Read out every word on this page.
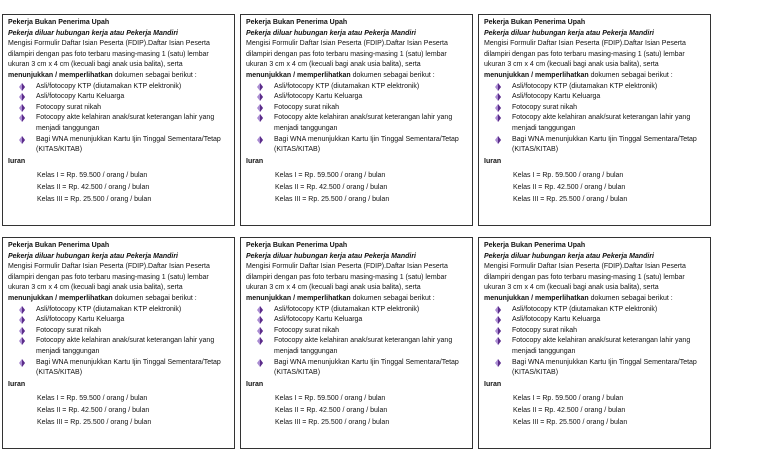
Pekerja Bukan Penerima Upah
Pekerja diluar hubungan kerja atau Pekerja Mandiri
Mengisi Formulir Daftar Isian Peserta (FDIP).Daftar Isian Peserta dilampiri dengan pas foto terbaru masing-masing 1 (satu) lembar ukuran 3 cm x 4 cm (kecuali bagi anak usia balita), serta menunjukkan / memperlihatkan dokumen sebagai berikut :
Asli/fotocopy KTP (diutamakan KTP elektronik)
Asli/fotocopy Kartu Keluarga
Fotocopy surat nikah
Fotocopy akte kelahiran anak/surat keterangan lahir yang menjadi tanggungan
Bagi WNA menunjukkan Kartu Ijin Tinggal Sementara/Tetap (KITAS/KITAB)
Iuran
Kelas I = Rp. 59.500 / orang / bulan
Kelas II = Rp. 42.500 / orang / bulan
Kelas III = Rp. 25.500 / orang / bulan
Pekerja Bukan Penerima Upah
Pekerja diluar hubungan kerja atau Pekerja Mandiri
Mengisi Formulir Daftar Isian Peserta (FDIP).Daftar Isian Peserta dilampiri dengan pas foto terbaru masing-masing 1 (satu) lembar ukuran 3 cm x 4 cm (kecuali bagi anak usia balita), serta menunjukkan / memperlihatkan dokumen sebagai berikut :
Asli/fotocopy KTP (diutamakan KTP elektronik)
Asli/fotocopy Kartu Keluarga
Fotocopy surat nikah
Fotocopy akte kelahiran anak/surat keterangan lahir yang menjadi tanggungan
Bagi WNA menunjukkan Kartu Ijin Tinggal Sementara/Tetap (KITAS/KITAB)
Iuran
Kelas I = Rp. 59.500 / orang / bulan
Kelas II = Rp. 42.500 / orang / bulan
Kelas III = Rp. 25.500 / orang / bulan
Pekerja Bukan Penerima Upah
Pekerja diluar hubungan kerja atau Pekerja Mandiri
Mengisi Formulir Daftar Isian Peserta (FDIP).Daftar Isian Peserta dilampiri dengan pas foto terbaru masing-masing 1 (satu) lembar ukuran 3 cm x 4 cm (kecuali bagi anak usia balita), serta menunjukkan / memperlihatkan dokumen sebagai berikut :
Asli/fotocopy KTP (diutamakan KTP elektronik)
Asli/fotocopy Kartu Keluarga
Fotocopy surat nikah
Fotocopy akte kelahiran anak/surat keterangan lahir yang menjadi tanggungan
Bagi WNA menunjukkan Kartu Ijin Tinggal Sementara/Tetap (KITAS/KITAB)
Iuran
Kelas I = Rp. 59.500 / orang / bulan
Kelas II = Rp. 42.500 / orang / bulan
Kelas III = Rp. 25.500 / orang / bulan
Pekerja Bukan Penerima Upah
Pekerja diluar hubungan kerja atau Pekerja Mandiri
Mengisi Formulir Daftar Isian Peserta (FDIP).Daftar Isian Peserta dilampiri dengan pas foto terbaru masing-masing 1 (satu) lembar ukuran 3 cm x 4 cm (kecuali bagi anak usia balita), serta menunjukkan / memperlihatkan dokumen sebagai berikut :
Asli/fotocopy KTP (diutamakan KTP elektronik)
Asli/fotocopy Kartu Keluarga
Fotocopy surat nikah
Fotocopy akte kelahiran anak/surat keterangan lahir yang menjadi tanggungan
Bagi WNA menunjukkan Kartu Ijin Tinggal Sementara/Tetap (KITAS/KITAB)
Iuran
Kelas I = Rp. 59.500 / orang / bulan
Kelas II = Rp. 42.500 / orang / bulan
Kelas III = Rp. 25.500 / orang / bulan
Pekerja Bukan Penerima Upah
Pekerja diluar hubungan kerja atau Pekerja Mandiri
Mengisi Formulir Daftar Isian Peserta (FDIP).Daftar Isian Peserta dilampiri dengan pas foto terbaru masing-masing 1 (satu) lembar ukuran 3 cm x 4 cm (kecuali bagi anak usia balita), serta menunjukkan / memperlihatkan dokumen sebagai berikut :
Asli/fotocopy KTP (diutamakan KTP elektronik)
Asli/fotocopy Kartu Keluarga
Fotocopy surat nikah
Fotocopy akte kelahiran anak/surat keterangan lahir yang menjadi tanggungan
Bagi WNA menunjukkan Kartu Ijin Tinggal Sementara/Tetap (KITAS/KITAB)
Iuran
Kelas I = Rp. 59.500 / orang / bulan
Kelas II = Rp. 42.500 / orang / bulan
Kelas III = Rp. 25.500 / orang / bulan
Pekerja Bukan Penerima Upah
Pekerja diluar hubungan kerja atau Pekerja Mandiri
Mengisi Formulir Daftar Isian Peserta (FDIP).Daftar Isian Peserta dilampiri dengan pas foto terbaru masing-masing 1 (satu) lembar ukuran 3 cm x 4 cm (kecuali bagi anak usia balita), serta menunjukkan / memperlihatkan dokumen sebagai berikut :
Asli/fotocopy KTP (diutamakan KTP elektronik)
Asli/fotocopy Kartu Keluarga
Fotocopy surat nikah
Fotocopy akte kelahiran anak/surat keterangan lahir yang menjadi tanggungan
Bagi WNA menunjukkan Kartu Ijin Tinggal Sementara/Tetap (KITAS/KITAB)
Iuran
Kelas I = Rp. 59.500 / orang / bulan
Kelas II = Rp. 42.500 / orang / bulan
Kelas III = Rp. 25.500 / orang / bulan
